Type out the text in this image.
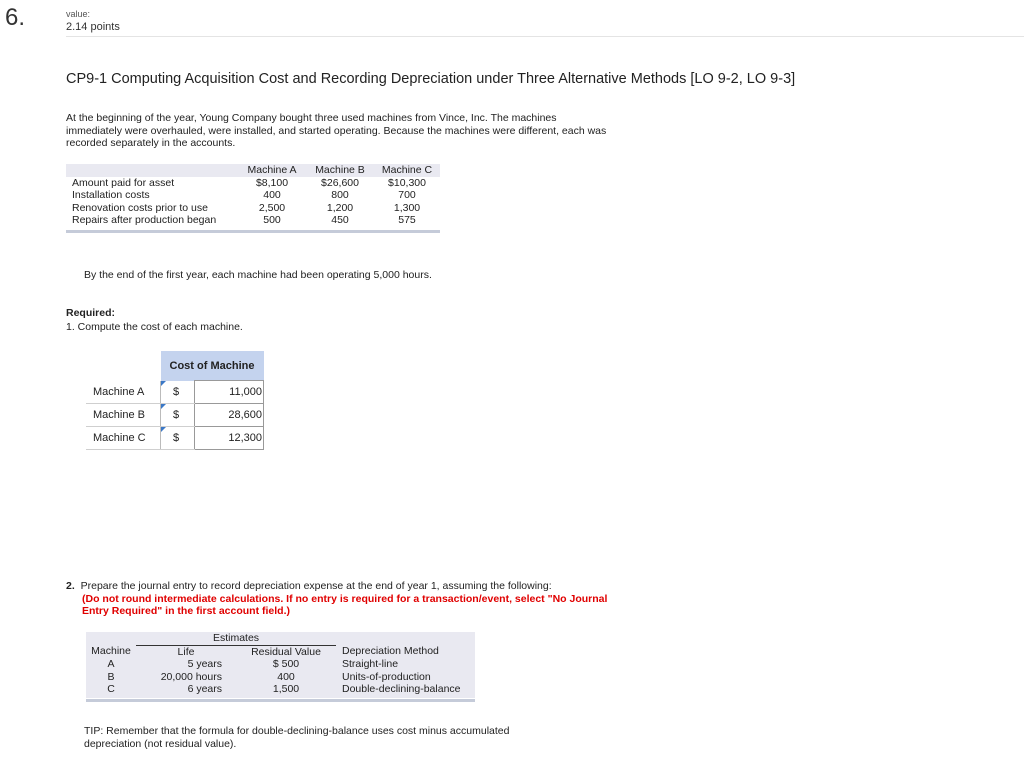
6.	value:
2.14 points
CP9-1 Computing Acquisition Cost and Recording Depreciation under Three Alternative Methods [LO 9-2, LO 9-3]
At the beginning of the year, Young Company bought three used machines from Vince, Inc. The machines immediately were overhauled, were installed, and started operating. Because the machines were different, each was recorded separately in the accounts.
	Machine A	Machine B	Machine C
Amount paid for asset	$8,100	$26,600	$10,300
Installation costs	400	800	700
Renovation costs prior to use	2,500	1,200	1,300
Repairs after production began	500	450	575
By the end of the first year, each machine had been operating 5,000 hours.
Required:
1. Compute the cost of each machine.
	Cost of Machine	
Machine A	$	11,000
Machine B	$	28,600
Machine C	$	12,300
2. Prepare the journal entry to record depreciation expense at the end of year 1, assuming the following:
(Do not round intermediate calculations. If no entry is required for a transaction/event, select "No Journal Entry Required" in the first account field.)
	Estimates		
Machine	Life	Residual Value	Depreciation Method
A	5 years	$ 500	Straight-line
B	20,000 hours	400	Units-of-production
C	6 years	1,500	Double-declining-balance
TIP: Remember that the formula for double-declining-balance uses cost minus accumulated depreciation (not residual value).
